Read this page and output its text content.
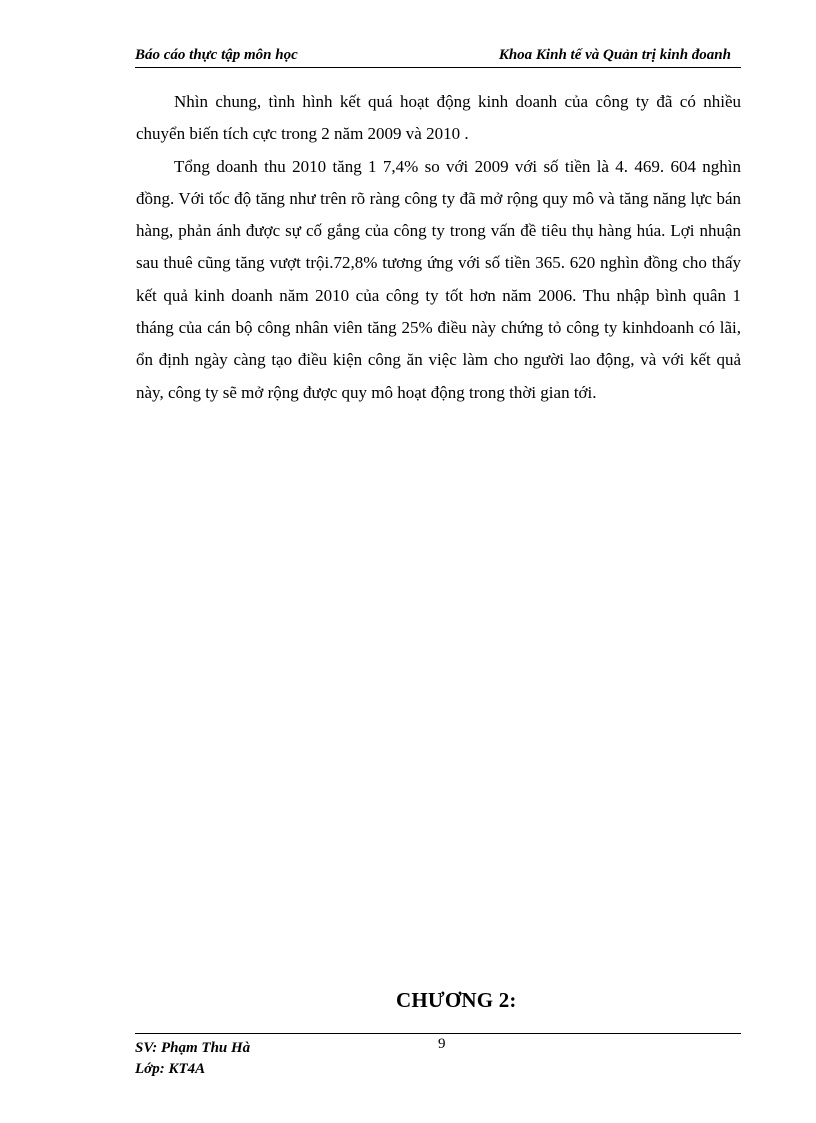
Báo cáo thực tập môn học	Khoa Kinh tế và Quản trị kinh đoanh

Nhìn chung, tình hình kết quá hoạt động kinh doanh của công ty đã có nhiều chuyển biến tích cực trong 2 năm 2009 và 2010 .

Tổng doanh thu 2010 tăng 1 7,4% so với 2009 với số tiền là 4. 469. 604 nghìn đồng. Với tốc độ tăng như trên rõ ràng công ty đã mở rộng quy mô và tăng năng lực bán hàng, phản ánh được sự cố gắng của công ty trong vấn đề tiêu thụ hàng húa. Lợi nhuận sau thuê cũng tăng vượt trội.72,8% tương ứng với số tiền 365. 620 nghìn đồng cho thấy kết quả kinh doanh năm 2010 của công ty tốt hơn năm 2006. Thu nhập bình quân 1 tháng của cán bộ công nhân viên tăng 25% điều này chứng tỏ công ty kinhdoanh có lãi, ổn định ngày càng tạo điều kiện công ăn việc làm cho người lao động, và với kết quả này, công ty sẽ mở rộng được quy mô hoạt động trong thời gian tới.

CHƯƠNG 2:
SV: Phạm Thu Hà
Lớp: KT4A
9
